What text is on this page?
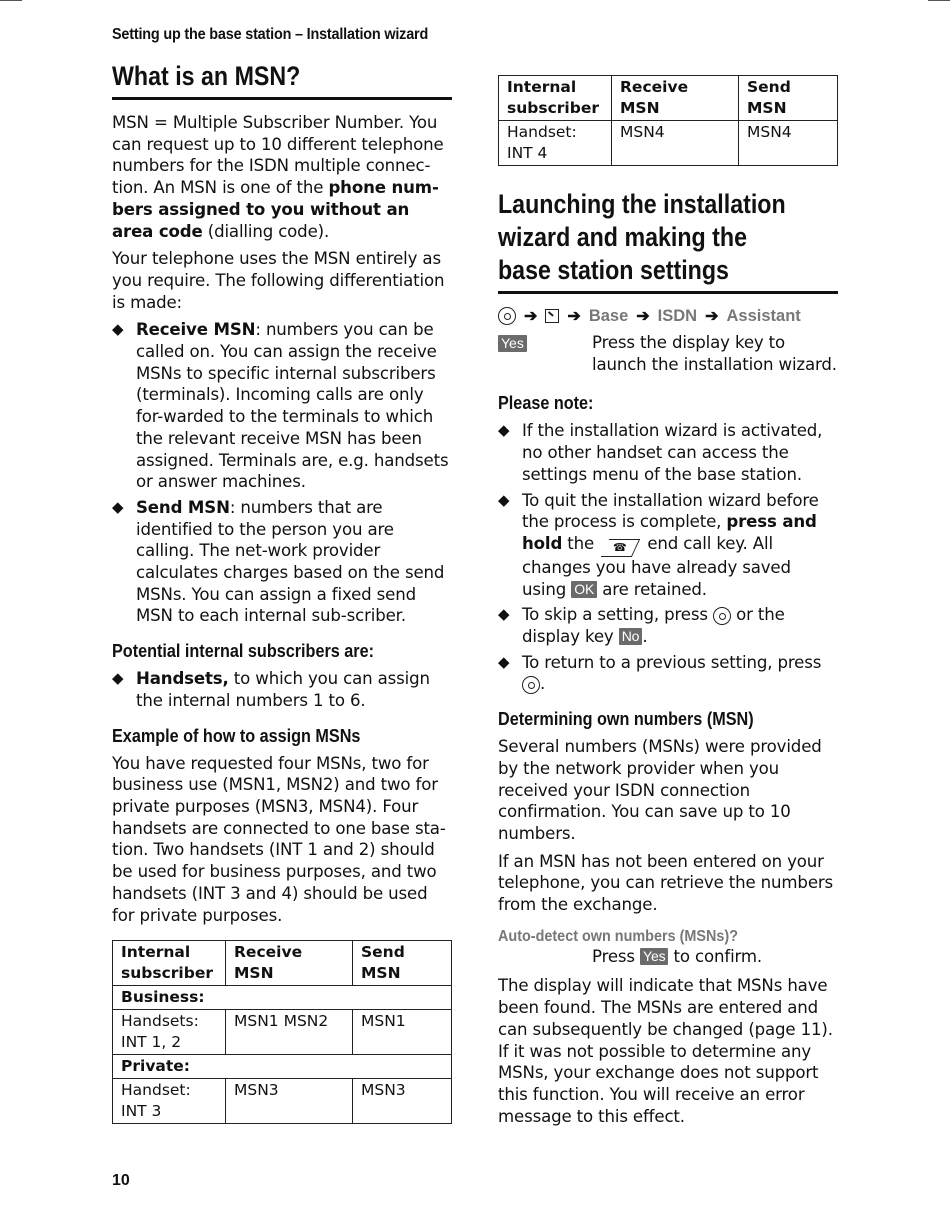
Setting up the base station – Installation wizard
What is an MSN?

MSN = Multiple Subscriber Number. You can request up to 10 different telephone numbers for the ISDN multiple connec-tion. An MSN is one of the phone num-bers assigned to you without an area code (dialling code).

Your telephone uses the MSN entirely as you require. The following differentiation is made:

◆ Receive MSN: numbers you can be called on. You can assign the receive MSNs to specific internal subscribers (terminals). Incoming calls are only for-warded to the terminals to which the relevant receive MSN has been assigned. Terminals are, e.g. handsets or answer machines.
◆ Send MSN: numbers that are identified to the person you are calling. The net-work provider calculates charges based on the send MSNs. You can assign a fixed send MSN to each internal sub-scriber.
Potential internal subscribers are:
◆ Handsets, to which you can assign the internal numbers 1 to 6.
Example of how to assign MSNs

You have requested four MSNs, two for business use (MSN1, MSN2) and two for private purposes (MSN3, MSN4). Four handsets are connected to one base sta-tion. Two handsets (INT 1 and 2) should be used for business purposes, and two handsets (INT 3 and 4) should be used for private purposes.

Internal subscriber	Receive MSN	Send MSN
Business:		
Handsets:
INT 1, 2	MSN1 MSN2	MSN1
Private:		
Handset:
INT 3	MSN3	MSN3
Internal subscriber	Receive MSN	Send MSN
Handset:
INT 4	MSN4	MSN4
Launching the installation
wizard and making the
base station settings
➔ ➔ Base ➔ ISDN ➔ Assistant
Yes	Press the display key to launch the installation wizard.
Please note:
◆ If the installation wizard is activated, no other handset can access the settings menu of the base station.
◆ To quit the installation wizard before the process is complete, press and hold the ☎ end call key. All changes you have already saved using OK are retained.
◆ To skip a setting, press  or the display key No .
◆ To return to a previous setting, press .
Determining own numbers (MSN)

Several numbers (MSNs) were provided by the network provider when you received your ISDN connection confirmation. You can save up to 10 numbers.

If an MSN has not been entered on your telephone, you can retrieve the numbers from the exchange.

Auto-detect own numbers (MSNs)?
Press Yes to confirm.

The display will indicate that MSNs have been found. The MSNs are entered and can subsequently be changed (page 11). If it was not possible to determine any MSNs, your exchange does not support this function. You will receive an error message to this effect.

10
